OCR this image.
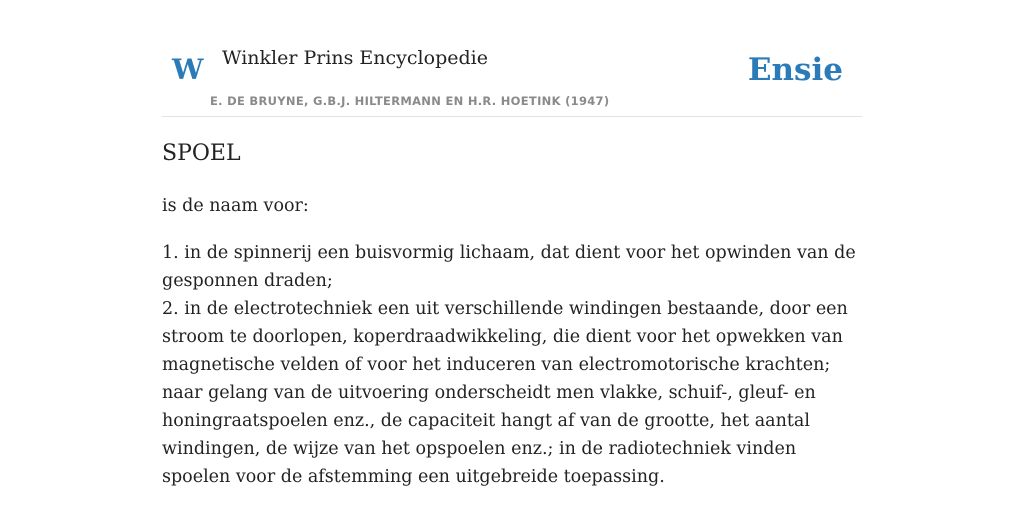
W Winkler Prins Encyclopedie
E. DE BRUYNE, G.B.J. HILTERMANN EN H.R. HOETINK (1947)
Ensie
SPOEL

is de naam voor:

1. in de spinnerij een buisvormig lichaam, dat dient voor het opwinden van de gesponnen draden;

2. in de electrotechniek een uit verschillende windingen bestaande, door een stroom te doorlopen, koperdraadwikkeling, die dient voor het opwekken van magnetische velden of voor het induceren van electromotorische krachten; naar gelang van de uitvoering onderscheidt men vlakke, schuif-, gleuf- en honingraatspoelen enz., de capaciteit hangt af van de grootte, het aantal windingen, de wijze van het opspoelen enz.; in de radiotechniek vinden spoelen voor de afstemming een uitgebreide toepassing.
